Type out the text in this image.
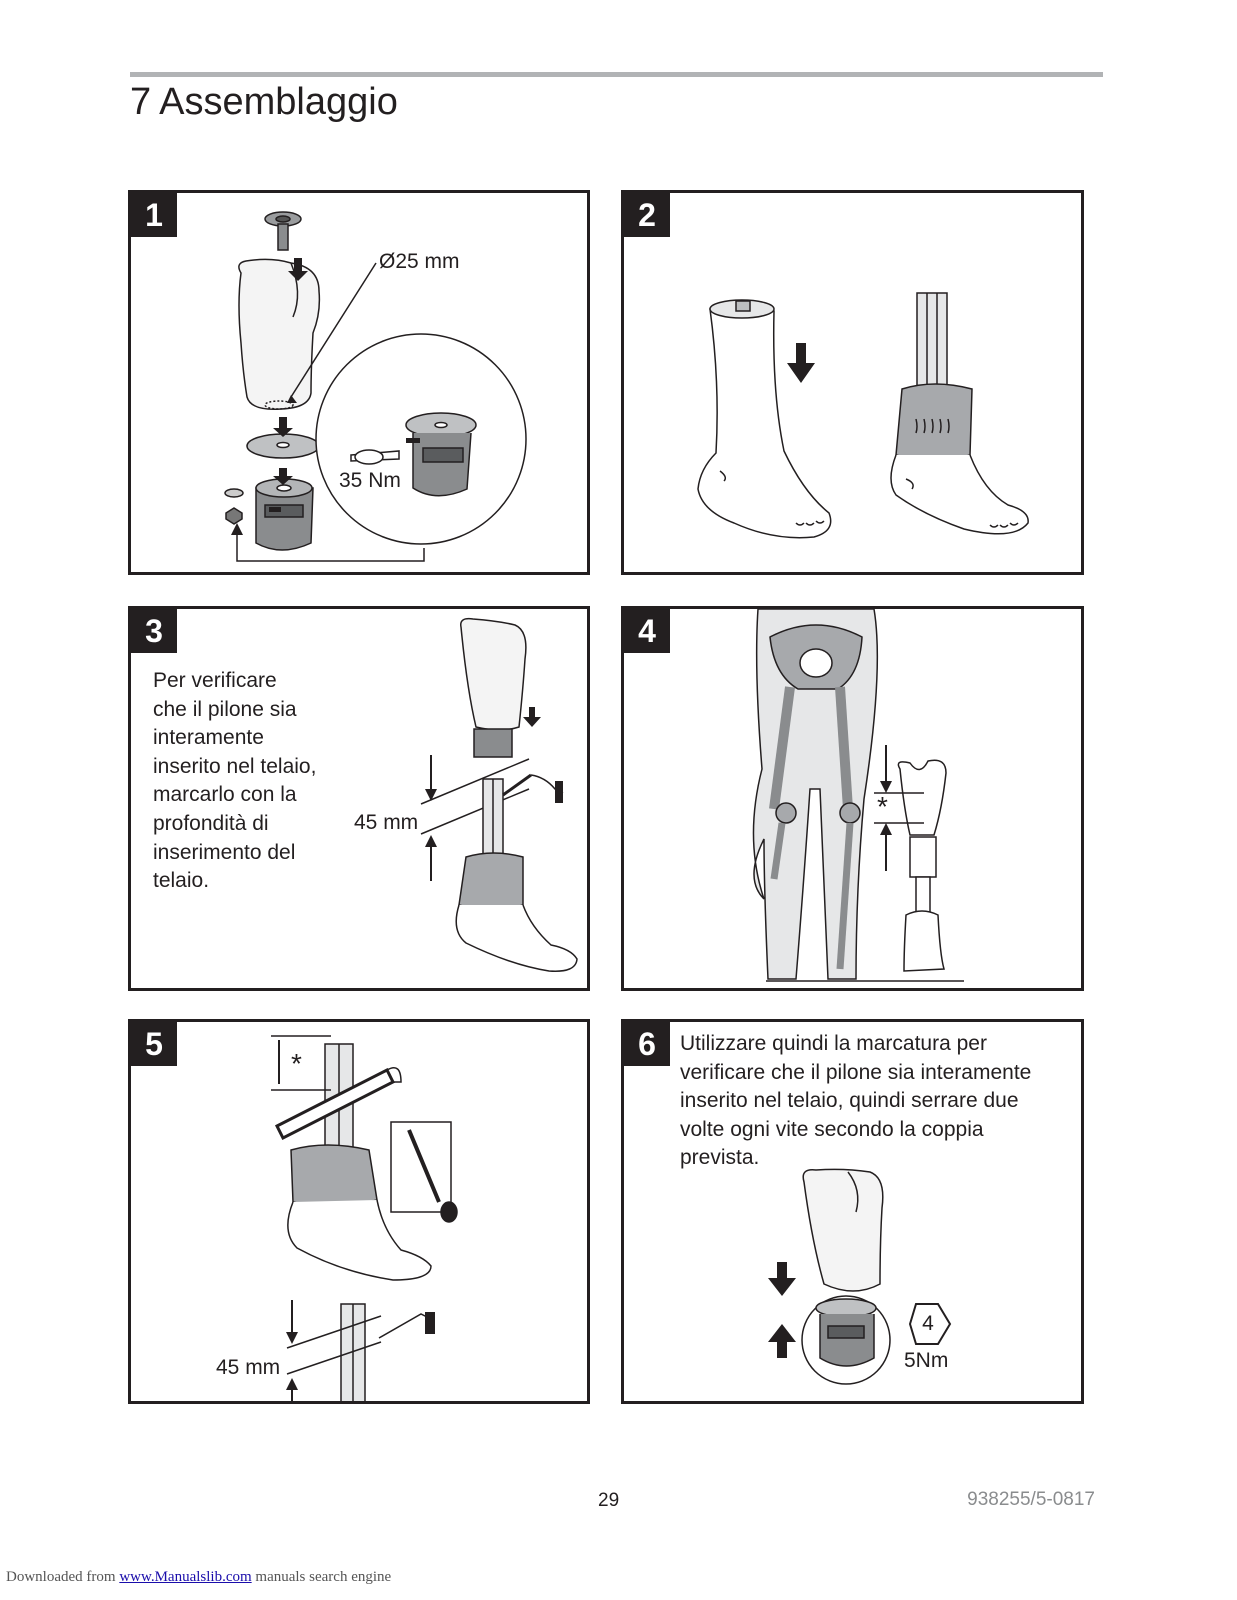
7 Assemblaggio
1
Ø25 mm
35 Nm
2
3
Per verificare
che il pilone sia
interamente
inserito nel telaio,
marcarlo con la
profondità di
inserimento del
telaio.
45 mm
4
*
5
*
45 mm
6	Utilizzare quindi la marcatura per
verificare che il pilone sia interamente
inserito nel telaio, quindi serrare due
volte ogni vite secondo la coppia
prevista.
4
5Nm
29	938255/5-0817
Downloaded from www.Manualslib.com manuals search engine
